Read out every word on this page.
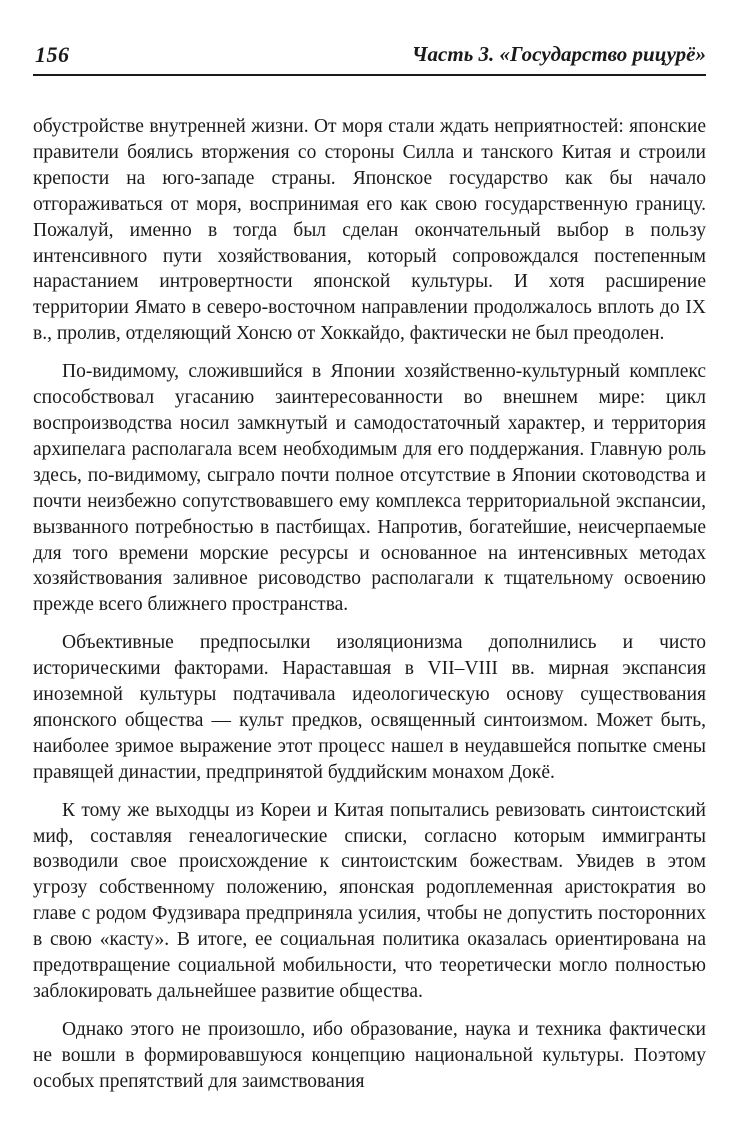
156	Часть 3. «Государство рицурё»

обустройстве внутренней жизни. От моря стали ждать неприятностей: японские правители боялись вторжения со стороны Силла и танского Китая и строили крепости на юго-западе страны. Японское государство как бы начало отгораживаться от моря, воспринимая его как свою государственную границу. Пожалуй, именно в тогда был сделан окончательный выбор в пользу интенсивного пути хозяйствования, который сопровождался постепенным нарастанием интровертности японской культуры. И хотя расширение территории Ямато в северо-восточном направлении продолжалось вплоть до IX в., пролив, отделяющий Хонсю от Хоккайдо, фактически не был преодолен.

По-видимому, сложившийся в Японии хозяйственно-культурный комплекс способствовал угасанию заинтересованности во внешнем мире: цикл воспроизводства носил замкнутый и самодостаточный характер, и территория архипелага располагала всем необходимым для его поддержания. Главную роль здесь, по-видимому, сыграло почти полное отсутствие в Японии скотоводства и почти неизбежно сопутствовавшего ему комплекса территориальной экспансии, вызванного потребностью в пастбищах. Напротив, богатейшие, неисчерпаемые для того времени морские ресурсы и основанное на интенсивных методах хозяйствования заливное рисоводство располагали к тщательному освоению прежде всего ближнего пространства.

Объективные предпосылки изоляционизма дополнились и чисто историческими факторами. Нараставшая в VII–VIII вв. мирная экспансия иноземной культуры подтачивала идеологическую основу существования японского общества — культ предков, освященный синтоизмом. Может быть, наиболее зримое выражение этот процесс нашел в неудавшейся попытке смены правящей династии, предпринятой буддийским монахом Докё.

К тому же выходцы из Кореи и Китая попытались ревизовать синтоистский миф, составляя генеалогические списки, согласно которым иммигранты возводили свое происхождение к синтоистским божествам. Увидев в этом угрозу собственному положению, японская родоплеменная аристократия во главе с родом Фудзивара предприняла усилия, чтобы не допустить посторонних в свою «касту». В итоге, ее социальная политика оказалась ориентирована на предотвращение социальной мобильности, что теоретически могло полностью заблокировать дальнейшее развитие общества.

Однако этого не произошло, ибо образование, наука и техника фактически не вошли в формировавшуюся концепцию национальной культуры. Поэтому особых препятствий для заимствования
